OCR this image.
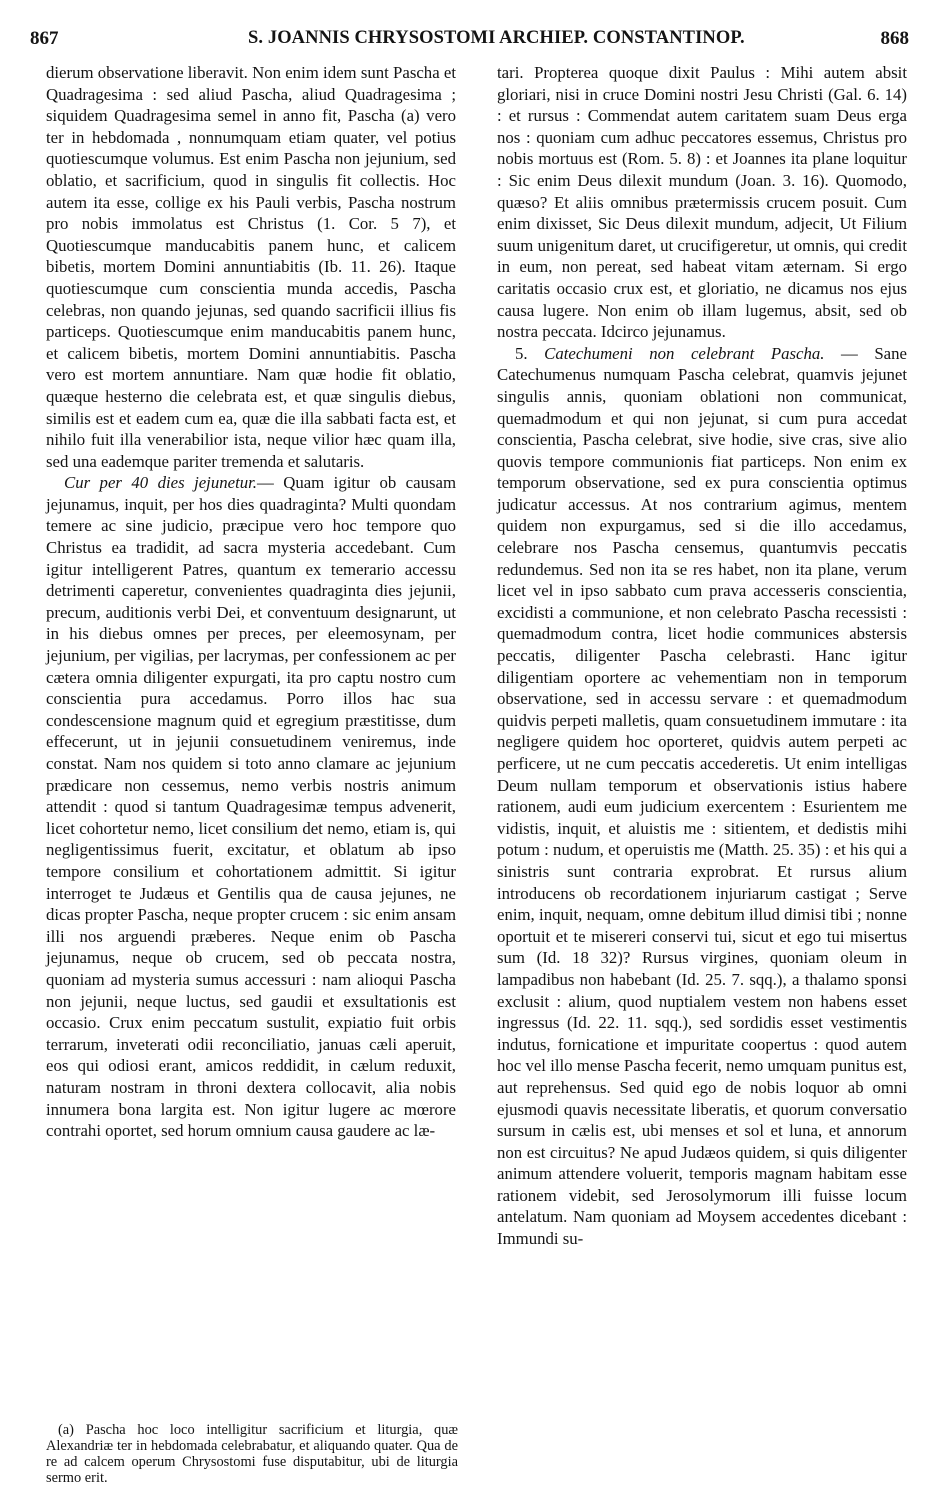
867	S. JOANNIS CHRYSOSTOMI ARCHIEP. CONSTANTINOP.	868

dierum observatione liberavit. Non enim idem sunt Pascha et Quadragesima : sed aliud Pascha, aliud Quadragesima ; siquidem Quadragesima semel in anno fit, Pascha (a) vero ter in hebdomada , nonnumquam etiam quater, vel potius quotiescumque volumus. Est enim Pascha non jejunium, sed oblatio, et sacrificium, quod in singulis fit collectis. Hoc autem ita esse, collige ex his Pauli verbis, Pascha nostrum pro nobis immolatus est Christus (1. Cor. 5 7), et Quotiescumque manducabitis panem hunc, et calicem bibetis, mortem Domini annuntiabitis (Ib. 11. 26). Itaque quotiescumque cum conscientia munda accedis, Pascha celebras, non quando jejunas, sed quando sacrificii illius fis particeps. Quotiescumque enim manducabitis panem hunc, et calicem bibetis, mortem Domini annuntiabitis. Pascha vero est mortem annuntiare. Nam quæ hodie fit oblatio, quæque hesterno die celebrata est, et quæ singulis diebus, similis est et eadem cum ea, quæ die illa sabbati facta est, et nihilo fuit illa venerabilior ista, neque vilior hæc quam illa, sed una eademque pariter tremenda et salutaris.

Cur per 40 dies jejunetur.— Quam igitur ob causam jejunamus, inquit, per hos dies quadraginta? Multi quondam temere ac sine judicio, præcipue vero hoc tempore quo Christus ea tradidit, ad sacra mysteria accedebant. Cum igitur intelligerent Patres, quantum ex temerario accessu detrimenti caperetur, convenientes quadraginta dies jejunii, precum, auditionis verbi Dei, et conventuum designarunt, ut in his diebus omnes per preces, per eleemosynam, per jejunium, per vigilias, per lacrymas, per confessionem ac per cætera omnia diligenter expurgati, ita pro captu nostro cum conscientia pura accedamus. Porro illos hac sua condescensione magnum quid et egregium præstitisse, dum effecerunt, ut in jejunii consuetudinem veniremus, inde constat. Nam nos quidem si toto anno clamare ac jejunium prædicare non cessemus, nemo verbis nostris animum attendit : quod si tantum Quadragesimæ tempus advenerit, licet cohortetur nemo, licet consilium det nemo, etiam is, qui negligentissimus fuerit, excitatur, et oblatum ab ipso tempore consilium et cohortationem admittit. Si igitur interroget te Judæus et Gentilis qua de causa jejunes, ne dicas propter Pascha, neque propter crucem : sic enim ansam illi nos arguendi præberes. Neque enim ob Pascha jejunamus, neque ob crucem, sed ob peccata nostra, quoniam ad mysteria sumus accessuri : nam alioqui Pascha non jejunii, neque luctus, sed gaudii et exsultationis est occasio. Crux enim peccatum sustulit, expiatio fuit orbis terrarum, inveterati odii reconciliatio, januas cæli aperuit, eos qui odiosi erant, amicos reddidit, in cælum reduxit, naturam nostram in throni dextera collocavit, alia nobis innumera bona largita est. Non igitur lugere ac mœrore contrahi oportet, sed horum omnium causa gaudere ac læ-

tari. Propterea quoque dixit Paulus : Mihi autem absit gloriari, nisi in cruce Domini nostri Jesu Christi (Gal. 6. 14) : et rursus : Commendat autem caritatem suam Deus erga nos : quoniam cum adhuc peccatores essemus, Christus pro nobis mortuus est (Rom. 5. 8) : et Joannes ita plane loquitur : Sic enim Deus dilexit mundum (Joan. 3. 16). Quomodo, quæso? Et aliis omnibus prætermissis crucem posuit. Cum enim dixisset, Sic Deus dilexit mundum, adjecit, Ut Filium suum unigenitum daret, ut crucifigeretur, ut omnis, qui credit in eum, non pereat, sed habeat vitam æternam. Si ergo caritatis occasio crux est, et gloriatio, ne dicamus nos ejus causa lugere. Non enim ob illam lugemus, absit, sed ob nostra peccata. Idcirco jejunamus.

5. Catechumeni non celebrant Pascha. — Sane Catechumenus numquam Pascha celebrat, quamvis jejunet singulis annis, quoniam oblationi non communicat, quemadmodum et qui non jejunat, si cum pura accedat conscientia, Pascha celebrat, sive hodie, sive cras, sive alio quovis tempore communionis fiat particeps. Non enim ex temporum observatione, sed ex pura conscientia optimus judicatur accessus. At nos contrarium agimus, mentem quidem non expurgamus, sed si die illo accedamus, celebrare nos Pascha censemus, quantumvis peccatis redundemus. Sed non ita se res habet, non ita plane, verum licet vel in ipso sabbato cum prava accesseris conscientia, excidisti a communione, et non celebrato Pascha recessisti : quemadmodum contra, licet hodie communices abstersis peccatis, diligenter Pascha celebrasti. Hanc igitur diligentiam oportere ac vehementiam non in temporum observatione, sed in accessu servare : et quemadmodum quidvis perpeti malletis, quam consuetudinem immutare : ita negligere quidem hoc oporteret, quidvis autem perpeti ac perficere, ut ne cum peccatis accederetis. Ut enim intelligas Deum nullam temporum et observationis istius habere rationem, audi eum judicium exercentem : Esurientem me vidistis, inquit, et aluistis me : sitientem, et dedistis mihi potum : nudum, et operuistis me (Matth. 25. 35) : et his qui a sinistris sunt contraria exprobrat. Et rursus alium introducens ob recordationem injuriarum castigat ; Serve enim, inquit, nequam, omne debitum illud dimisi tibi ; nonne oportuit et te misereri conservi tui, sicut et ego tui misertus sum (Id. 18 32)? Rursus virgines, quoniam oleum in lampadibus non habebant (Id. 25. 7. sqq.), a thalamo sponsi exclusit : alium, quod nuptialem vestem non habens esset ingressus (Id. 22. 11. sqq.), sed sordidis esset vestimentis indutus, fornicatione et impuritate coopertus : quod autem hoc vel illo mense Pascha fecerit, nemo umquam punitus est, aut reprehensus. Sed quid ego de nobis loquor ab omni ejusmodi quavis necessitate liberatis, et quorum conversatio sursum in cælis est, ubi menses et sol et luna, et annorum non est circuitus? Ne apud Judæos quidem, si quis diligenter animum attendere voluerit, temporis magnam habitam esse rationem videbit, sed Jerosolymorum illi fuisse locum antelatum. Nam quoniam ad Moysem accedentes dicebant : Immundi su-

(a) Pascha hoc loco intelligitur sacrificium et liturgia, quæ Alexandriæ ter in hebdomada celebrabatur, et aliquando quater. Qua de re ad calcem operum Chrysostomi fuse disputabitur, ubi de liturgia sermo erit.
